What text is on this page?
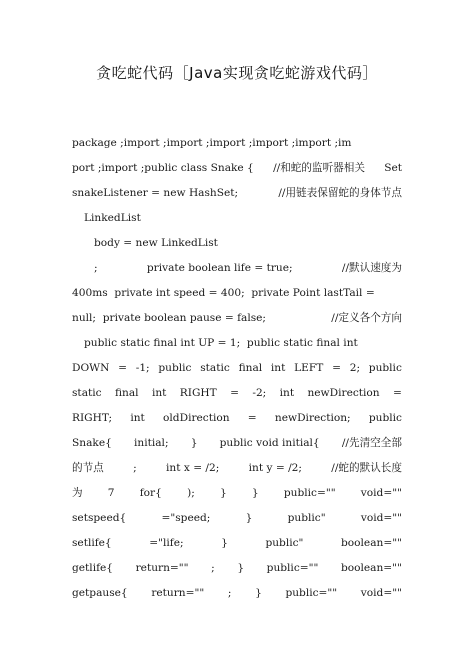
贪吃蛇代码［Java实现贪吃蛇游戏代码］
package ;import ;import ;import ;import ;import ;im
port ;import ;public class Snake { //和蛇的监听器相关 Set
snakeListener = new HashSet;	//用链表保留蛇的身体节点
LinkedList
body = new LinkedList
;	private boolean life = true;	//默认速度为
400ms  private int speed = 400;  private Point lastTail =
null;  private boolean pause = false;	//定义各个方向
public static final int UP = 1;  public static final int
DOWN = -1; public static final int LEFT = 2; public
static final int RIGHT = -2; int newDirection =
RIGHT; int oldDirection = newDirection; public
Snake{ initial; } public void initial{ //先清空全部
的节点	;	int x = /2;	int y = /2;	//蛇的默认长度
为 7 for{ ); } } public="" void=""
setspeed{	="speed;	}	public"	void=""
setlife{	="life;	}	public"	boolean=""
getlife{ return="" ; } public="" boolean=""
getpause{ return="" ; } public="" void=""
